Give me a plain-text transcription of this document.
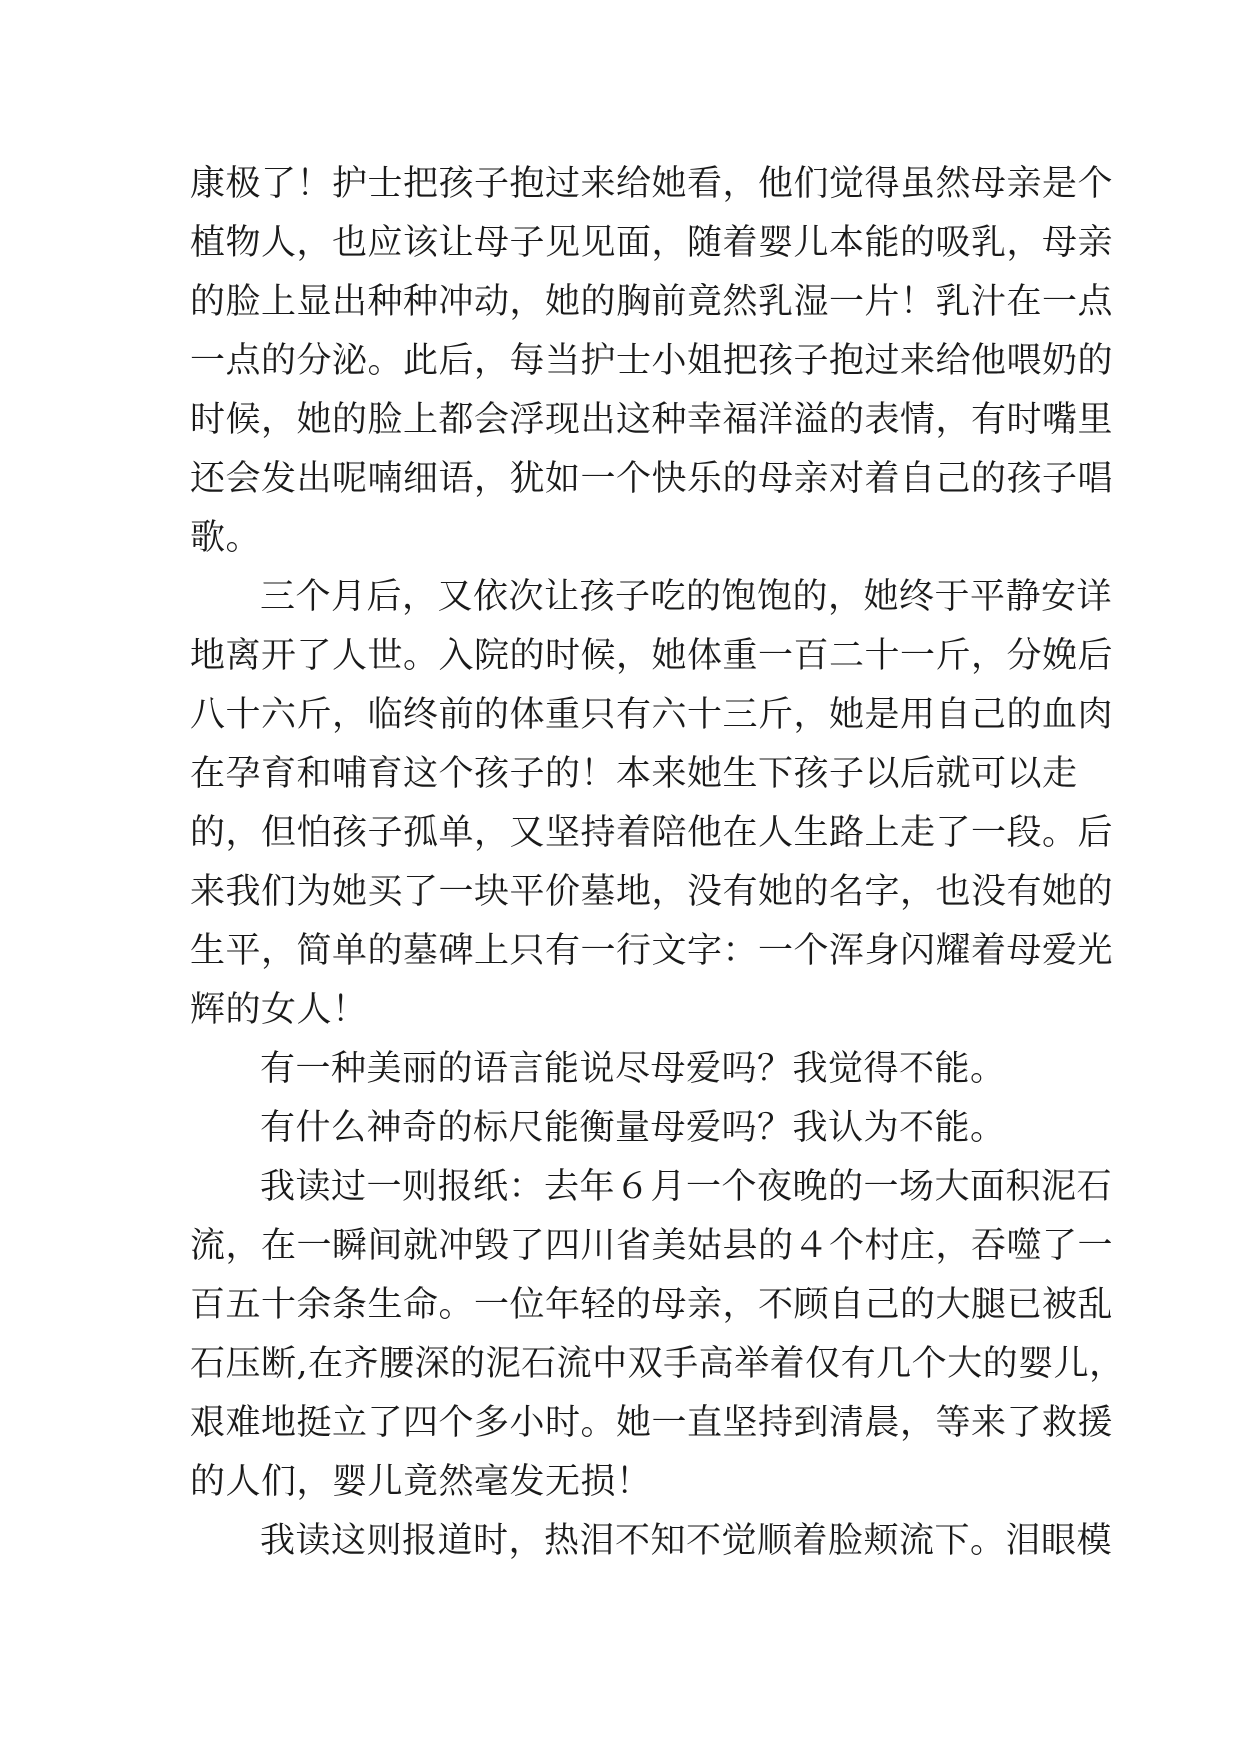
康极了！护士把孩子抱过来给她看，他们觉得虽然母亲是个
植物人，也应该让母子见见面，随着婴儿本能的吸乳，母亲
的脸上显出种种冲动，她的胸前竟然乳湿一片！乳汁在一点
一点的分泌。此后，每当护士小姐把孩子抱过来给他喂奶的
时候，她的脸上都会浮现出这种幸福洋溢的表情，有时嘴里
还会发出呢喃细语，犹如一个快乐的母亲对着自己的孩子唱
歌。
三个月后，又依次让孩子吃的饱饱的，她终于平静安详
地离开了人世。入院的时候，她体重一百二十一斤，分娩后
八十六斤，临终前的体重只有六十三斤，她是用自己的血肉
在孕育和哺育这个孩子的！本来她生下孩子以后就可以走
的，但怕孩子孤单，又坚持着陪他在人生路上走了一段。后
来我们为她买了一块平价墓地，没有她的名字，也没有她的
生平，简单的墓碑上只有一行文字：一个浑身闪耀着母爱光
辉的女人！
有一种美丽的语言能说尽母爱吗？我觉得不能。
有什么神奇的标尺能衡量母爱吗？我认为不能。
我读过一则报纸：去年６月一个夜晚的一场大面积泥石
流，在一瞬间就冲毁了四川省美姑县的４个村庄，吞噬了一
百五十余条生命。一位年轻的母亲，不顾自己的大腿已被乱
石压断,在齐腰深的泥石流中双手高举着仅有几个大的婴儿，
艰难地挺立了四个多小时。她一直坚持到清晨，等来了救援
的人们，婴儿竟然毫发无损！
我读这则报道时，热泪不知不觉顺着脸颊流下。泪眼模
